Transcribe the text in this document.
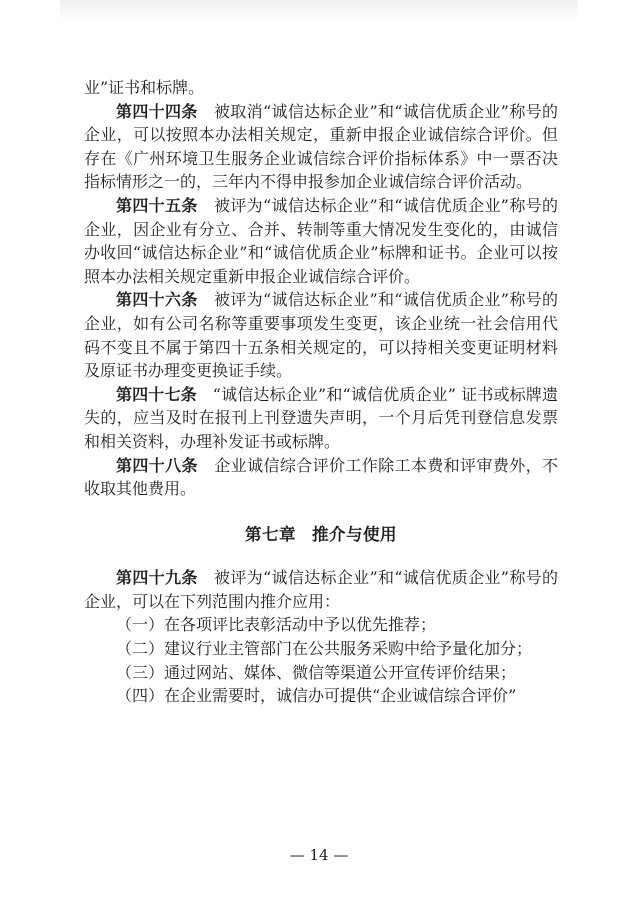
业”证书和标牌。

第四十四条  被取消“诚信达标企业”和“诚信优质企业”称号的企业，可以按照本办法相关规定，重新申报企业诚信综合评价。但存在《广州环境卫生服务企业诚信综合评价指标体系》中一票否决指标情形之一的，三年内不得申报参加企业诚信综合评价活动。

第四十五条  被评为“诚信达标企业”和“诚信优质企业”称号的企业，因企业有分立、合并、转制等重大情况发生变化的，由诚信办收回“诚信达标企业”和“诚信优质企业”标牌和证书。企业可以按照本办法相关规定重新申报企业诚信综合评价。

第四十六条  被评为“诚信达标企业”和“诚信优质企业”称号的企业，如有公司名称等重要事项发生变更，该企业统一社会信用代码不变且不属于第四十五条相关规定的，可以持相关变更证明材料及原证书办理变更换证手续。

第四十七条  “诚信达标企业”和“诚信优质企业” 证书或标牌遗失的，应当及时在报刊上刊登遗失声明，一个月后凭刊登信息发票和相关资料，办理补发证书或标牌。

第四十八条  企业诚信综合评价工作除工本费和评审费外，不收取其他费用。

第七章 推介与使用

第四十九条  被评为“诚信达标企业”和“诚信优质企业”称号的企业，可以在下列范围内推介应用：

（一）在各项评比表彰活动中予以优先推荐；

（二）建议行业主管部门在公共服务采购中给予量化加分；

（三）通过网站、媒体、微信等渠道公开宣传评价结果；

（四）在企业需要时，诚信办可提供“企业诚信综合评价”

— 14 —
